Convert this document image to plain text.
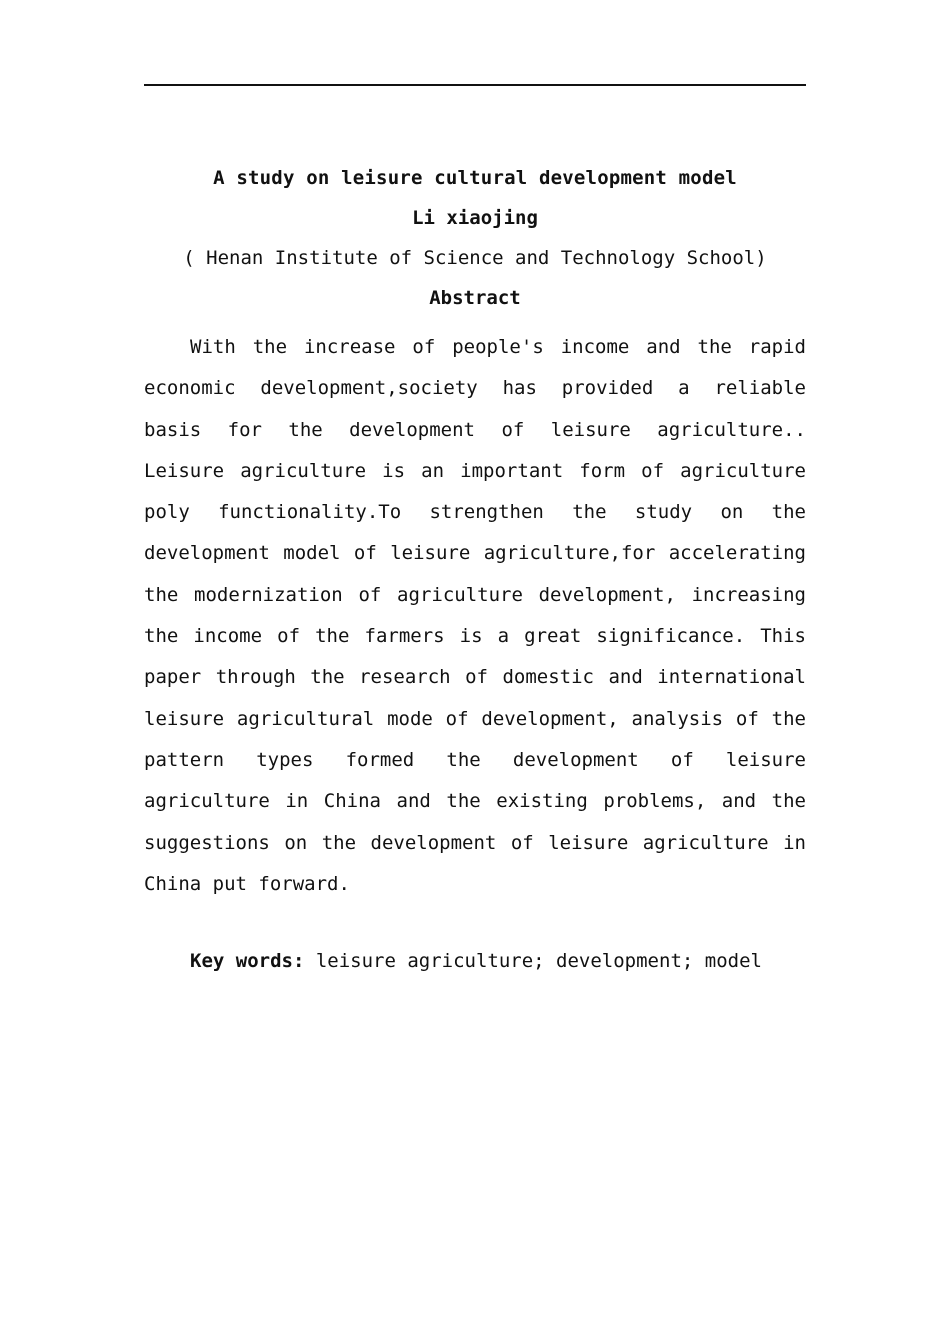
A study on leisure cultural development model
Li xiaojing
( Henan Institute of Science and Technology School)
Abstract

With the increase of people's income and the rapid economic development,society has provided a reliable basis for the development of leisure agriculture.. Leisure agriculture is an important form of agriculture poly functionality.To strengthen the study on the development model of leisure agriculture,for accelerating the modernization of agriculture development, increasing the income of the farmers is a great significance. This paper through the research of domestic and international leisure agricultural mode of development, analysis of the pattern types formed the development of leisure agriculture in China and the existing problems, and the suggestions on the development of leisure agriculture in China put forward.

Key words: leisure agriculture; development; model
